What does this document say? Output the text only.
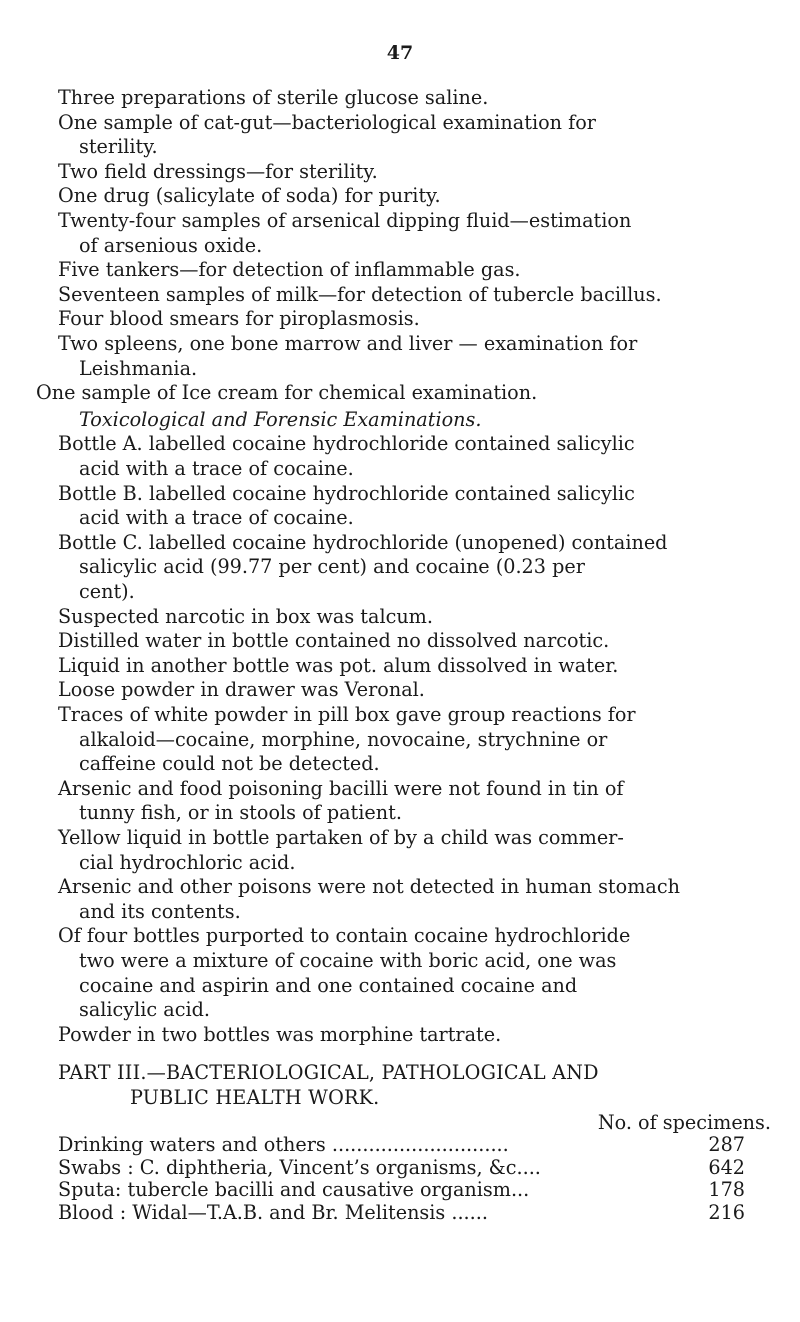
47
Three preparations of sterile glucose saline.
One sample of cat-gut—bacteriological examination for
sterility.
Two field dressings—for sterility.
One drug (salicylate of soda) for purity.
Twenty-four samples of arsenical dipping fluid—estimation
of arsenious oxide.
Five tankers—for detection of inflammable gas.
Seventeen samples of milk—for detection of tubercle bacillus.
Four blood smears for piroplasmosis.
Two spleens, one bone marrow and liver — examination for
Leishmania.
One sample of Ice cream for chemical examination.
Toxicological and Forensic Examinations.
Bottle A. labelled cocaine hydrochloride contained salicylic
acid with a trace of cocaine.
Bottle B. labelled cocaine hydrochloride contained salicylic
acid with a trace of cocaine.
Bottle C. labelled cocaine hydrochloride (unopened) contained
salicylic acid (99.77 per cent) and cocaine (0.23 per
cent).
Suspected narcotic in box was talcum.
Distilled water in bottle contained no dissolved narcotic.
Liquid in another bottle was pot. alum dissolved in water.
Loose powder in drawer was Veronal.
Traces of white powder in pill box gave group reactions for
alkaloid—cocaine, morphine, novocaine, strychnine or
caffeine could not be detected.
Arsenic and food poisoning bacilli were not found in tin of
tunny fish, or in stools of patient.
Yellow liquid in bottle partaken of by a child was commer-
cial hydrochloric acid.
Arsenic and other poisons were not detected in human stomach
and its contents.
Of four bottles purported to contain cocaine hydrochloride
two were a mixture of cocaine with boric acid, one was
cocaine and aspirin and one contained cocaine and
salicylic acid.
Powder in two bottles was morphine tartrate.
PART III.—BACTERIOLOGICAL, PATHOLOGICAL AND
PUBLIC HEALTH WORK.
No. of specimens.
Drinking waters and others .............................	287
Swabs : C. diphtheria, Vincent’s organisms, &c....	642
Sputa: tubercle bacilli and causative organism...	178
Blood : Widal—T.A.B. and Br. Melitensis ......	216
